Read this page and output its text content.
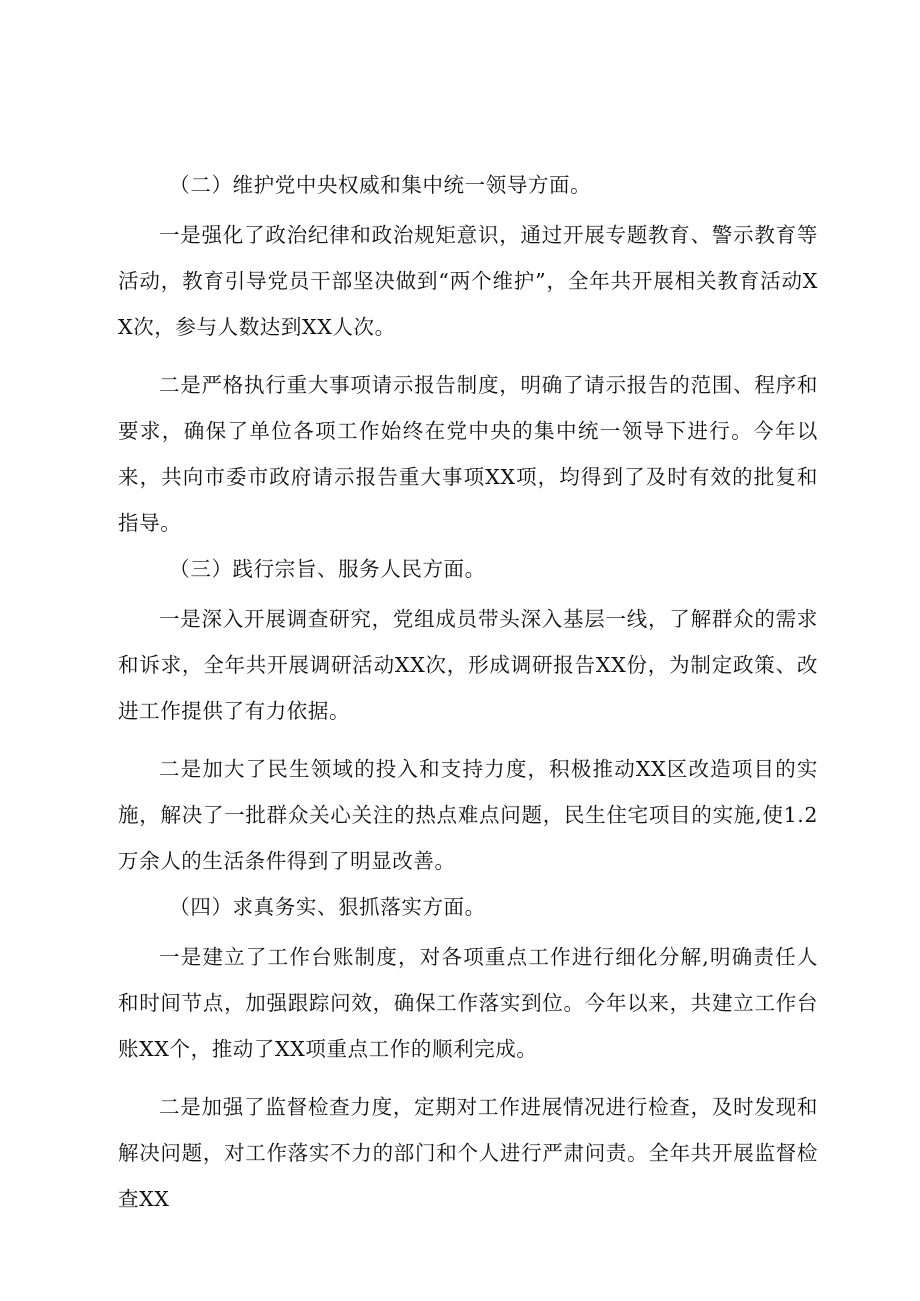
（二）维护党中央权威和集中统一领导方面。

一是强化了政治纪律和政治规矩意识，通过开展专题教育、警示教育等活动，教育引导党员干部坚决做到“两个维护”，全年共开展相关教育活动XX次，参与人数达到XX人次。

二是严格执行重大事项请示报告制度，明确了请示报告的范围、程序和要求，确保了单位各项工作始终在党中央的集中统一领导下进行。今年以来，共向市委市政府请示报告重大事项XX项，均得到了及时有效的批复和指导。

（三）践行宗旨、服务人民方面。

一是深入开展调查研究，党组成员带头深入基层一线，了解群众的需求和诉求，全年共开展调研活动XX次，形成调研报告XX份，为制定政策、改进工作提供了有力依据。

二是加大了民生领域的投入和支持力度，积极推动XX区改造项目的实施，解决了一批群众关心关注的热点难点问题，民生住宅项目的实施,使1.2万余人的生活条件得到了明显改善。

（四）求真务实、狠抓落实方面。

一是建立了工作台账制度，对各项重点工作进行细化分解,明确责任人和时间节点，加强跟踪问效，确保工作落实到位。今年以来，共建立工作台账XX个，推动了XX项重点工作的顺利完成。

二是加强了监督检查力度，定期对工作进展情况进行检查，及时发现和解决问题，对工作落实不力的部门和个人进行严肃问责。全年共开展监督检查XX
